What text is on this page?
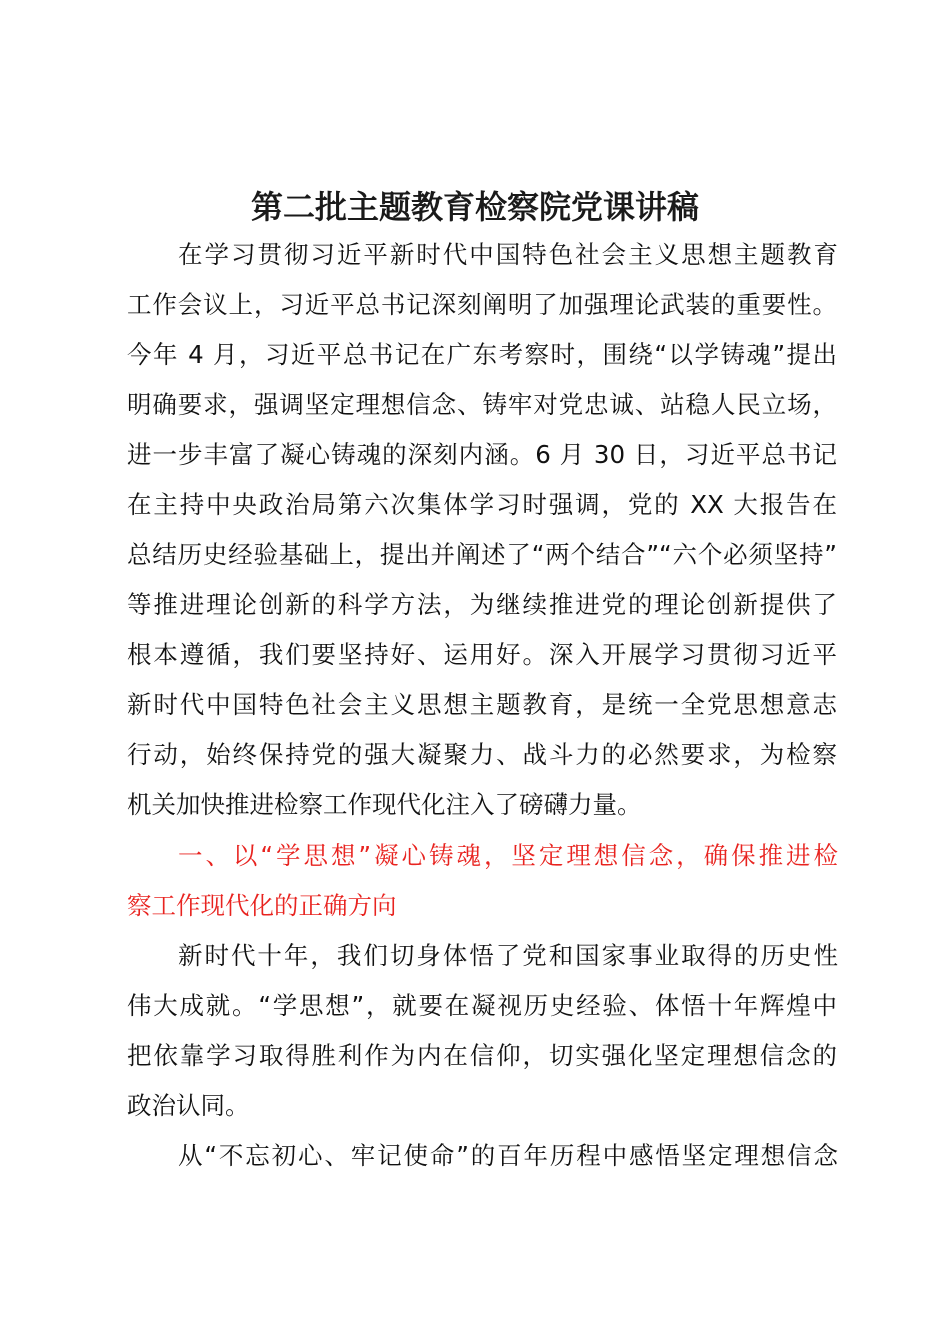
第二批主题教育检察院党课讲稿

在学习贯彻习近平新时代中国特色社会主义思想主题教育

工作会议上，习近平总书记深刻阐明了加强理论武装的重要性。

今年 4 月，习近平总书记在广东考察时，围绕“以学铸魂”提出

明确要求，强调坚定理想信念、铸牢对党忠诚、站稳人民立场，

进一步丰富了凝心铸魂的深刻内涵。6 月 30 日，习近平总书记

在主持中央政治局第六次集体学习时强调，党的 XX 大报告在

总结历史经验基础上，提出并阐述了“两个结合”“六个必须坚持”

等推进理论创新的科学方法，为继续推进党的理论创新提供了

根本遵循，我们要坚持好、运用好。深入开展学习贯彻习近平

新时代中国特色社会主义思想主题教育，是统一全党思想意志

行动，始终保持党的强大凝聚力、战斗力的必然要求，为检察

机关加快推进检察工作现代化注入了磅礴力量。

一、以“学思想”凝心铸魂，坚定理想信念，确保推进检

察工作现代化的正确方向

新时代十年，我们切身体悟了党和国家事业取得的历史性

伟大成就。“学思想”，就要在凝视历史经验、体悟十年辉煌中

把依靠学习取得胜利作为内在信仰，切实强化坚定理想信念的

政治认同。

从“不忘初心、牢记使命”的百年历程中感悟坚定理想信念
